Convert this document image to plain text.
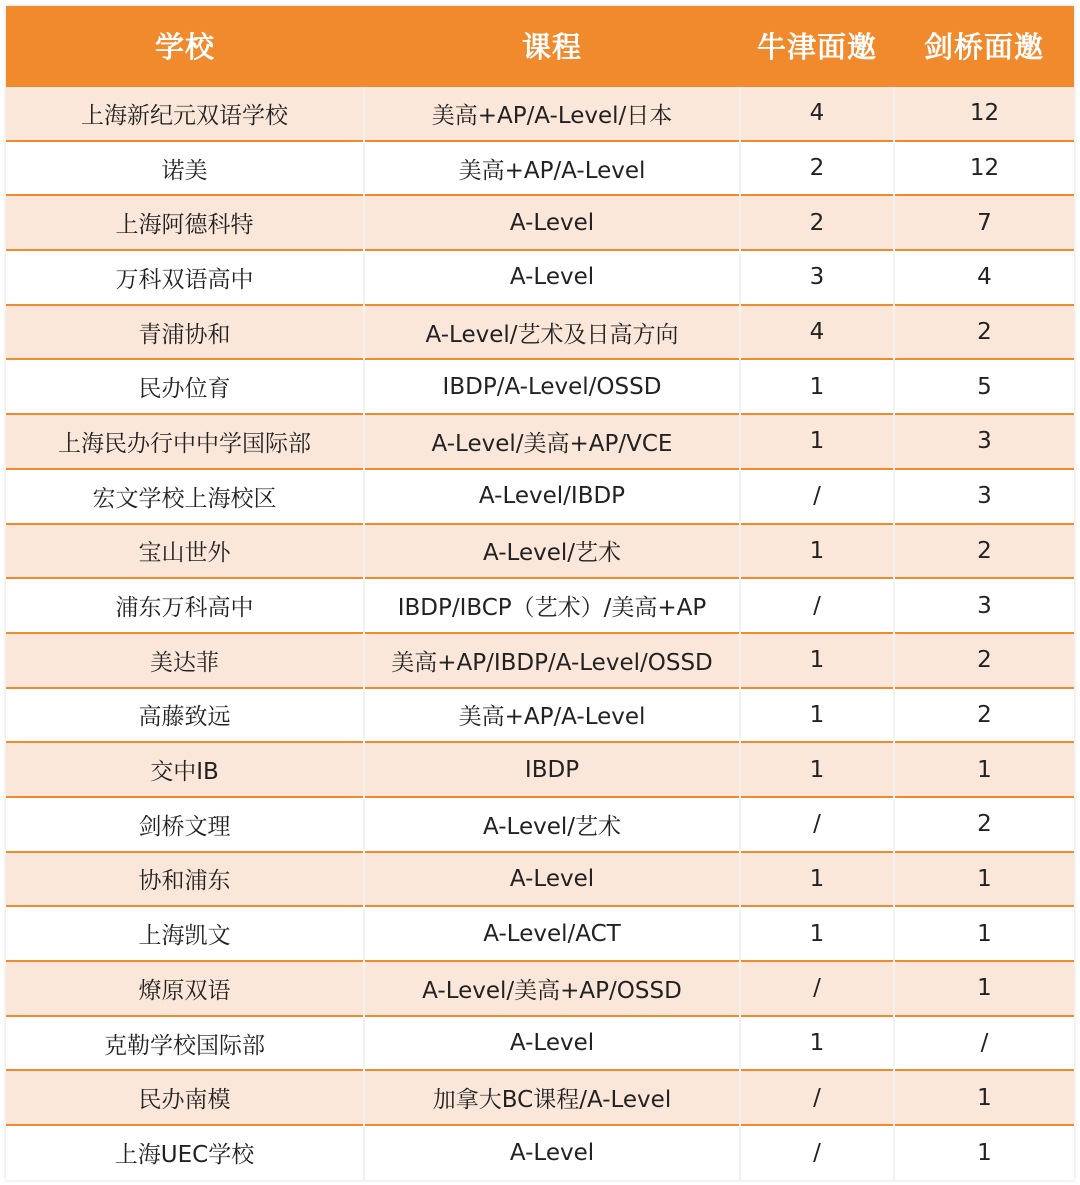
学校	课程	牛津面邀	剑桥面邀
上海新纪元双语学校	美高+AP/A-Level/日本	4	12
诺美	美高+AP/A-Level	2	12
上海阿德科特	A-Level	2	7
万科双语高中	A-Level	3	4
青浦协和	A-Level/艺术及日高方向	4	2
民办位育	IBDP/A-Level/OSSD	1	5
上海民办行中中学国际部	A-Level/美高+AP/VCE	1	3
宏文学校上海校区	A-Level/IBDP	/	3
宝山世外	A-Level/艺术	1	2
浦东万科高中	IBDP/IBCP（艺术）/美高+AP	/	3
美达菲	美高+AP/IBDP/A-Level/OSSD	1	2
高藤致远	美高+AP/A-Level	1	2
交中IB	IBDP	1	1
剑桥文理	A-Level/艺术	/	2
协和浦东	A-Level	1	1
上海凯文	A-Level/ACT	1	1
燎原双语	A-Level/美高+AP/OSSD	/	1
克勒学校国际部	A-Level	1	/
民办南模	加拿大BC课程/A-Level	/	1
上海UEC学校	A-Level	/	1
